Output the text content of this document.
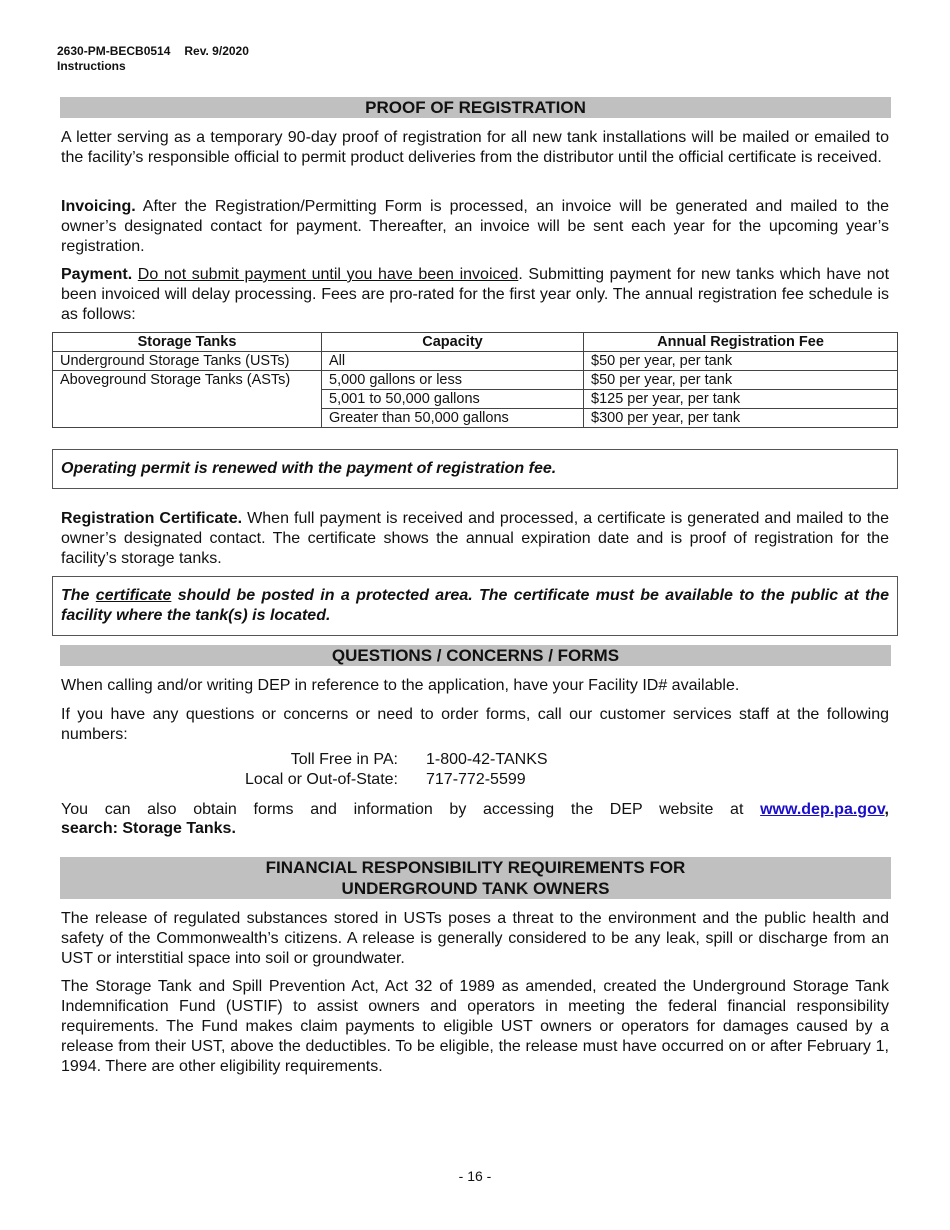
2630-PM-BECB0514 Rev. 9/2020
Instructions
PROOF OF REGISTRATION
A letter serving as a temporary 90-day proof of registration for all new tank installations will be mailed or emailed to the facility’s responsible official to permit product deliveries from the distributor until the official certificate is received.
Invoicing. After the Registration/Permitting Form is processed, an invoice will be generated and mailed to the owner’s designated contact for payment. Thereafter, an invoice will be sent each year for the upcoming year’s registration.
Payment. Do not submit payment until you have been invoiced. Submitting payment for new tanks which have not been invoiced will delay processing. Fees are pro-rated for the first year only. The annual registration fee schedule is as follows:
Storage Tanks	Capacity	Annual Registration Fee
Underground Storage Tanks (USTs)	All	$50 per year, per tank
Aboveground Storage Tanks (ASTs)	5,000 gallons or less	$50 per year, per tank
	5,001 to 50,000 gallons	$125 per year, per tank
	Greater than 50,000 gallons	$300 per year, per tank
Operating permit is renewed with the payment of registration fee.
Registration Certificate. When full payment is received and processed, a certificate is generated and mailed to the owner’s designated contact. The certificate shows the annual expiration date and is proof of registration for the facility’s storage tanks.
The certificate should be posted in a protected area. The certificate must be available to the public at the facility where the tank(s) is located.
QUESTIONS / CONCERNS / FORMS
When calling and/or writing DEP in reference to the application, have your Facility ID# available.
If you have any questions or concerns or need to order forms, call our customer services staff at the following numbers:
Toll Free in PA: 1-800-42-TANKS
Local or Out-of-State: 717-772-5599
You can also obtain forms and information by accessing the DEP website at www.dep.pa.gov,
search: Storage Tanks.
FINANCIAL RESPONSIBILITY REQUIREMENTS FOR
UNDERGROUND TANK OWNERS
The release of regulated substances stored in USTs poses a threat to the environment and the public health and safety of the Commonwealth’s citizens. A release is generally considered to be any leak, spill or discharge from an UST or interstitial space into soil or groundwater.
The Storage Tank and Spill Prevention Act, Act 32 of 1989 as amended, created the Underground Storage Tank Indemnification Fund (USTIF) to assist owners and operators in meeting the federal financial responsibility requirements. The Fund makes claim payments to eligible UST owners or operators for damages caused by a release from their UST, above the deductibles. To be eligible, the release must have occurred on or after February 1, 1994. There are other eligibility requirements.
- 16 -
